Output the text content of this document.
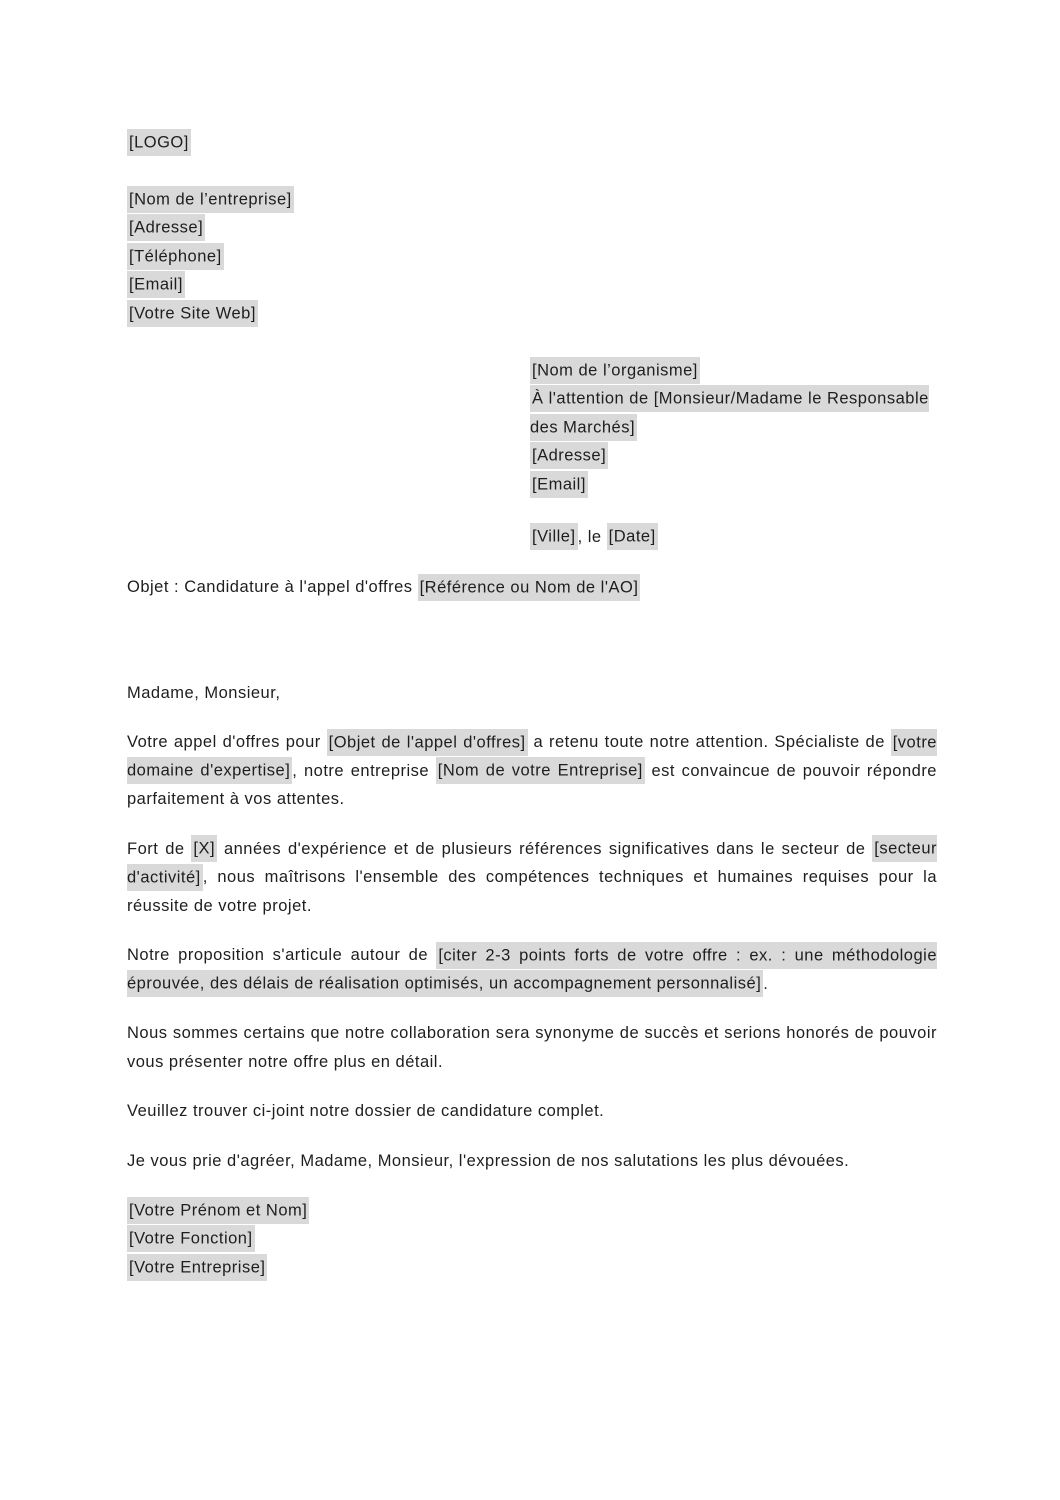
[LOGO]

[Nom de l’entreprise]

[Adresse]

[Téléphone]

[Email]

[Votre Site Web]

[Nom de l’organisme]

À l'attention de [Monsieur/Madame le Responsable des Marchés]

[Adresse]

[Email]

[Ville] , le [Date]

Objet : Candidature à l'appel d'offres [Référence ou Nom de l'AO]

Madame, Monsieur,

Votre appel d'offres pour [Objet de l'appel d'offres] a retenu toute notre attention. Spécialiste de [votre domaine d'expertise] , notre entreprise [Nom de votre Entreprise] est convaincue de pouvoir répondre parfaitement à vos attentes.

Fort de [X] années d'expérience et de plusieurs références significatives dans le secteur de [secteur d'activité] , nous maîtrisons l'ensemble des compétences techniques et humaines requises pour la réussite de votre projet.

Notre proposition s'articule autour de [citer 2-3 points forts de votre offre : ex. : une méthodologie éprouvée, des délais de réalisation optimisés, un accompagnement personnalisé] .

Nous sommes certains que notre collaboration sera synonyme de succès et serions honorés de pouvoir vous présenter notre offre plus en détail.

Veuillez trouver ci-joint notre dossier de candidature complet.

Je vous prie d'agréer, Madame, Monsieur, l'expression de nos salutations les plus dévouées.

[Votre Prénom et Nom]

[Votre Fonction]

[Votre Entreprise]
